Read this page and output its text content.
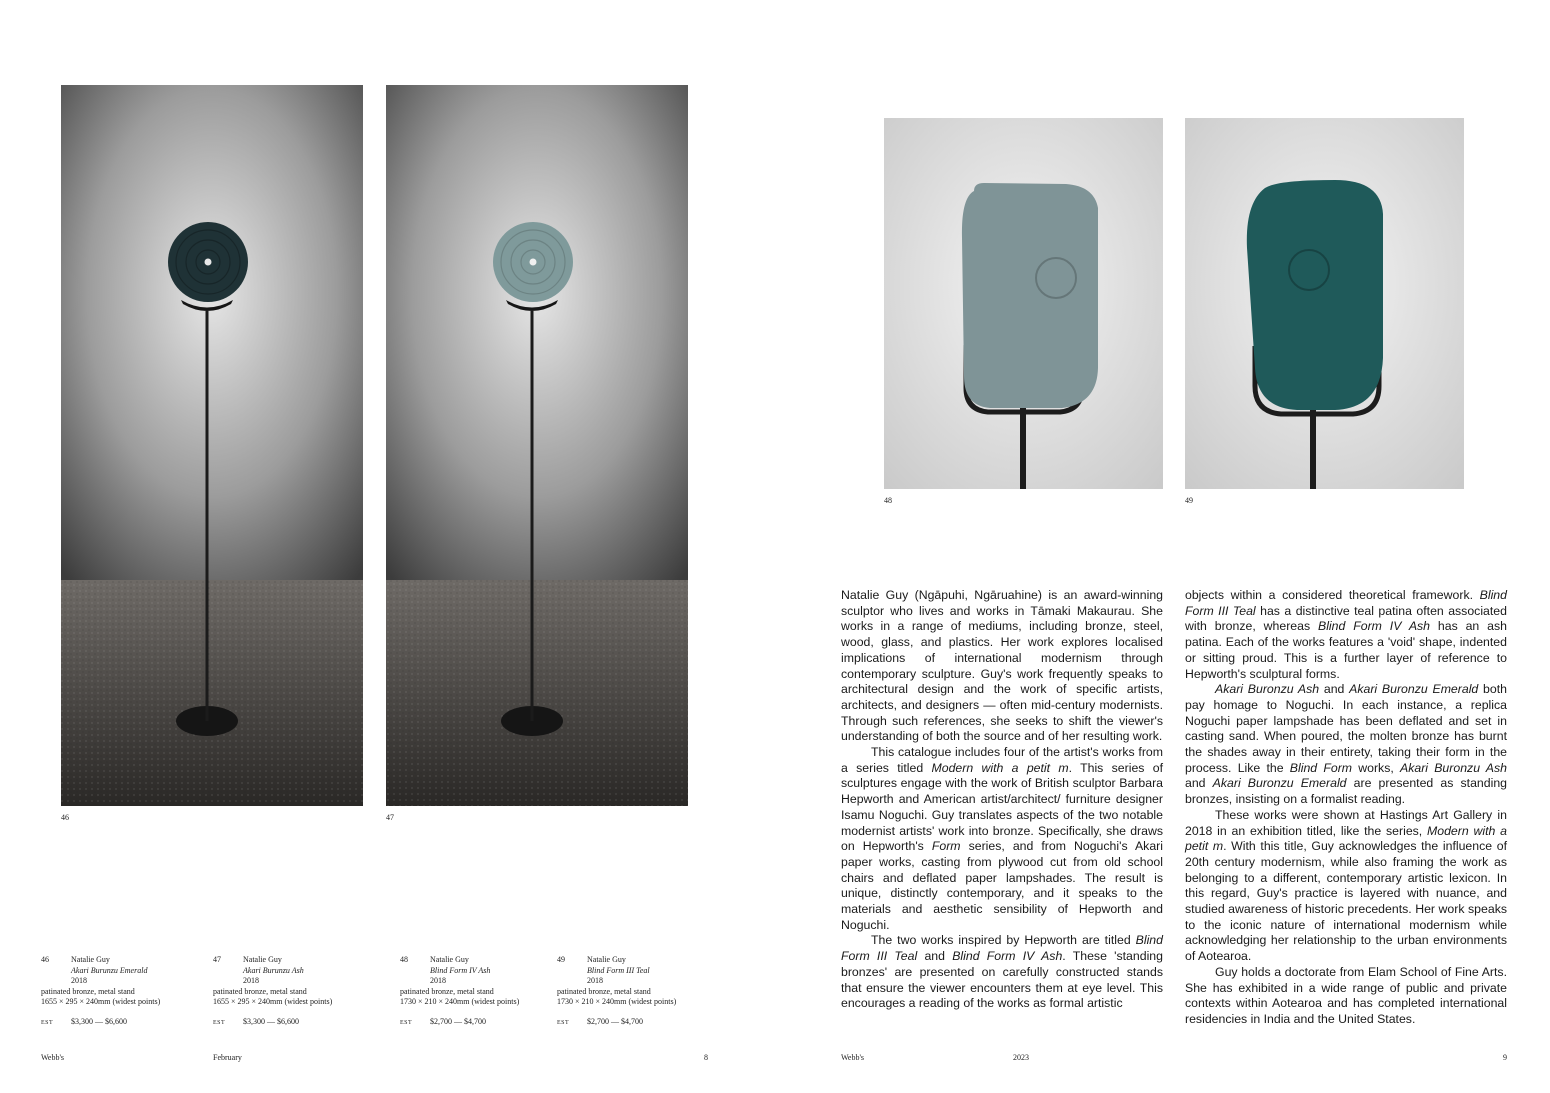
46	47
48	49
46	Natalie Guy
Akari Burunzu Emerald
2018
patinated bronze, metal stand
1655 × 295 × 240mm (widest points)
EST $3,300 — $6,600
47	Natalie Guy
Akari Burunzu Ash
2018
patinated bronze, metal stand
1655 × 295 × 240mm (widest points)
EST $3,300 — $6,600
48	Natalie Guy
Blind Form IV Ash
2018
patinated bronze, metal stand
1730 × 210 × 240mm (widest points)
EST $2,700 — $4,700
49	Natalie Guy
Blind Form III Teal
2018
patinated bronze, metal stand
1730 × 210 × 240mm (widest points)
EST $2,700 — $4,700

Natalie Guy (Ngāpuhi, Ngāruahine) is an award-winning sculptor who lives and works in Tāmaki Makaurau. She works in a range of mediums, including bronze, steel, wood, glass, and plastics. Her work explores localised implications of international modernism through contemporary sculpture. Guy's work frequently speaks to architectural design and the work of specific artists, architects, and designers — often mid-century modernists. Through such references, she seeks to shift the viewer's understanding of both the source and of her resulting work.

This catalogue includes four of the artist's works from a series titled Modern with a petit m. This series of sculptures engage with the work of British sculptor Barbara Hepworth and American artist/architect/ furniture designer Isamu Noguchi. Guy translates aspects of the two notable modernist artists' work into bronze. Specifically, she draws on Hepworth's Form series, and from Noguchi's Akari paper works, casting from plywood cut from old school chairs and deflated paper lampshades. The result is unique, distinctly contemporary, and it speaks to the materials and aesthetic sensibility of Hepworth and Noguchi.

The two works inspired by Hepworth are titled Blind Form III Teal and Blind Form IV Ash. These 'standing bronzes' are presented on carefully constructed stands that ensure the viewer encounters them at eye level. This encourages a reading of the works as formal artistic

objects within a considered theoretical framework. Blind Form III Teal has a distinctive teal patina often associated with bronze, whereas Blind Form IV Ash has an ash patina. Each of the works features a 'void' shape, indented or sitting proud. This is a further layer of reference to Hepworth's sculptural forms.

Akari Buronzu Ash and Akari Buronzu Emerald both pay homage to Noguchi. In each instance, a replica Noguchi paper lampshade has been deflated and set in casting sand. When poured, the molten bronze has burnt the shades away in their entirety, taking their form in the process. Like the Blind Form works, Akari Buronzu Ash and Akari Buronzu Emerald are presented as standing bronzes, insisting on a formalist reading.

These works were shown at Hastings Art Gallery in 2018 in an exhibition titled, like the series, Modern with a petit m. With this title, Guy acknowledges the influence of 20th century modernism, while also framing the work as belonging to a different, contemporary artistic lexicon. In this regard, Guy's practice is layered with nuance, and studied awareness of historic precedents. Her work speaks to the iconic nature of international modernism while acknowledging her relationship to the urban environments of Aotearoa.

Guy holds a doctorate from Elam School of Fine Arts. She has exhibited in a wide range of public and private contexts within Aotearoa and has completed international residencies in India and the United States.

Webb's	February	8	Webb's	2023	9
